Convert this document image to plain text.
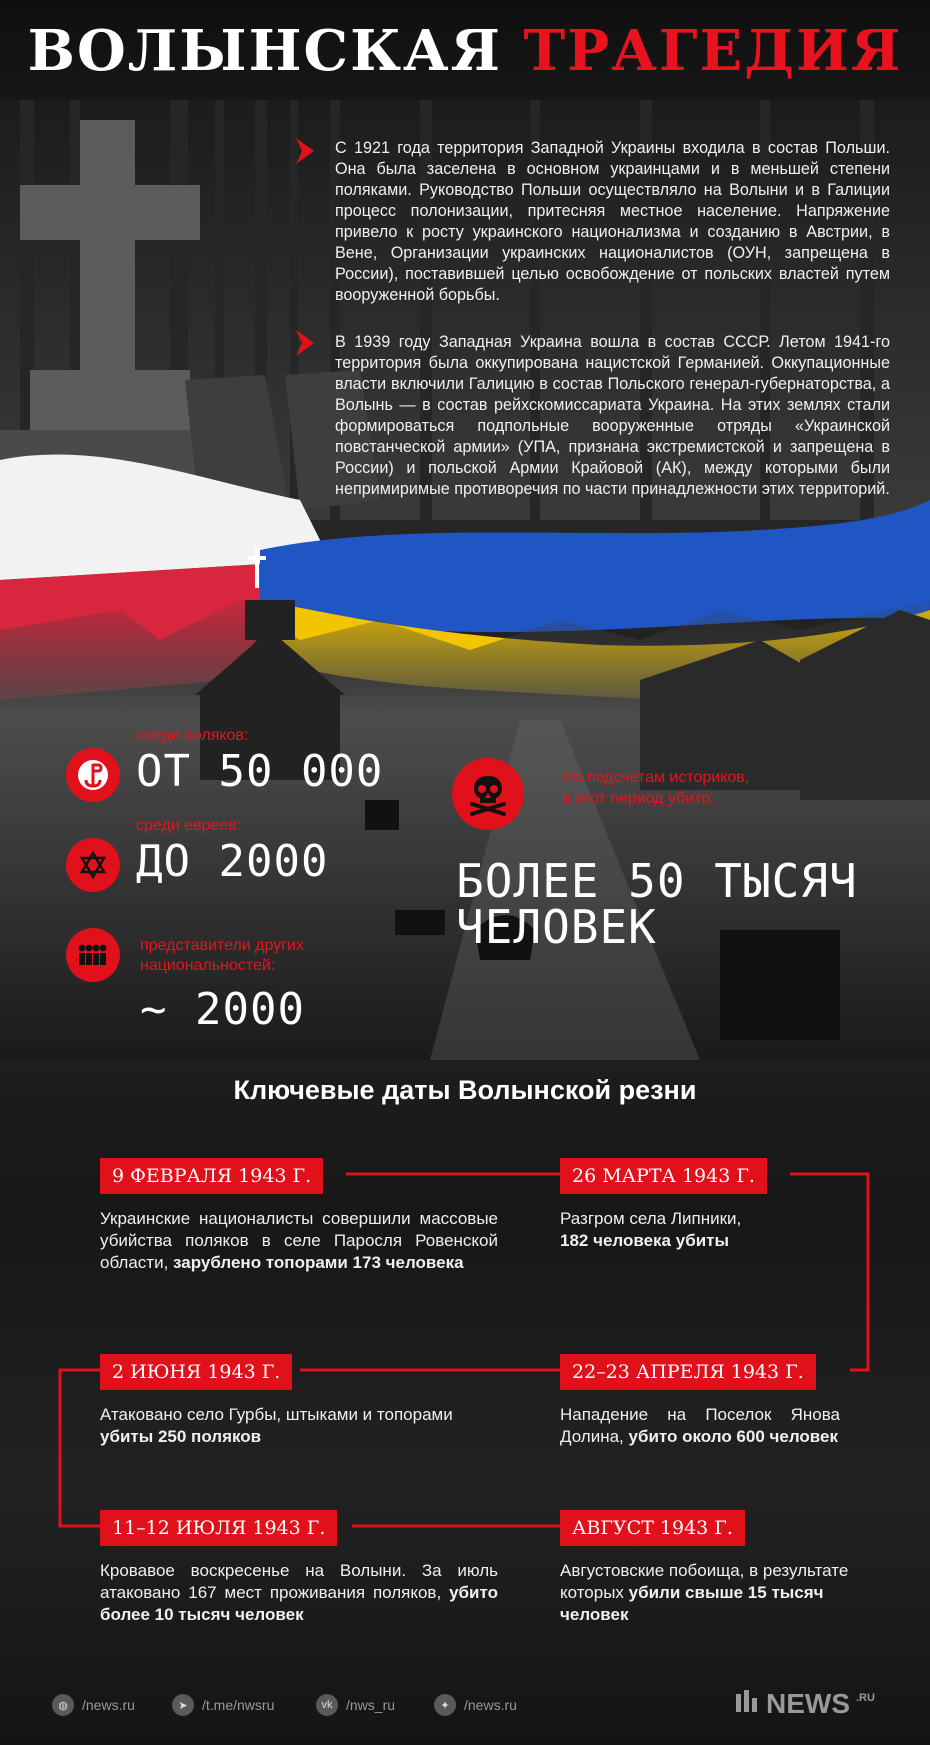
ВОЛЫНСКАЯ ТРАГЕДИЯ
С 1921 года территория Западной Украины входила в состав Польши. Она была заселена в основном украинцами и в меньшей степени поляками. Руководство Польши осуществляло на Волыни и в Галиции процесс полонизации, притесняя местное население. Напряжение привело к росту украинского национализма и созданию в Австрии, в Вене, Организации украинских националистов (ОУН, запрещена в России), поставившей целью освобождение от польских властей путем вооруженной борьбы.
В 1939 году Западная Украина вошла в состав СССР. Летом 1941-го территория была оккупирована нацистской Германией. Оккупационные власти включили Галицию в состав Польского генерал-губернаторства, а Волынь — в состав рейхскомиссариата Украина. На этих землях стали формироваться подпольные вооруженные отряды «Украинской повстанческой армии» (УПА, признана экстремистской и запрещена в России) и польской Армии Крайовой (АК), между которыми были непримиримые противоречия по части принадлежности этих территорий.
среди поляков:
ОТ 50 000
среди евреев:
ДО 2000
представители других
национальностей:
~ 2000
По подсчетам историков,
в этот период убито:
БОЛЕЕ 50 ТЫСЯЧ
ЧЕЛОВЕК
Ключевые даты Волынской резни
9 ФЕВРАЛЯ 1943 Г.
Украинские националисты совершили массовые убийства поляков в селе Паросля Ровенской области, зарублено топорами 173 человека
26 МАРТА 1943 Г.
Разгром села Липники,
182 человека убиты
2 ИЮНЯ 1943 Г.
Атаковано село Гурбы, штыками и топорами
убиты 250 поляков
22–23 АПРЕЛЯ 1943 Г.
Нападение на Поселок Янова Долина, убито около 600 человек
11–12 ИЮЛЯ 1943 Г.
Кровавое воскресенье на Волыни. За июль атаковано 167 мест проживания поляков, убито более 10 тысяч человек
АВГУСТ 1943 Г.
Августовские побоища, в результате которых убили свыше 15 тысяч человек
◍	/news.ru	➤	/t.me/nwsru	vk /nws_ru	✦	/news.ru	NEWS $^{.RU}$
